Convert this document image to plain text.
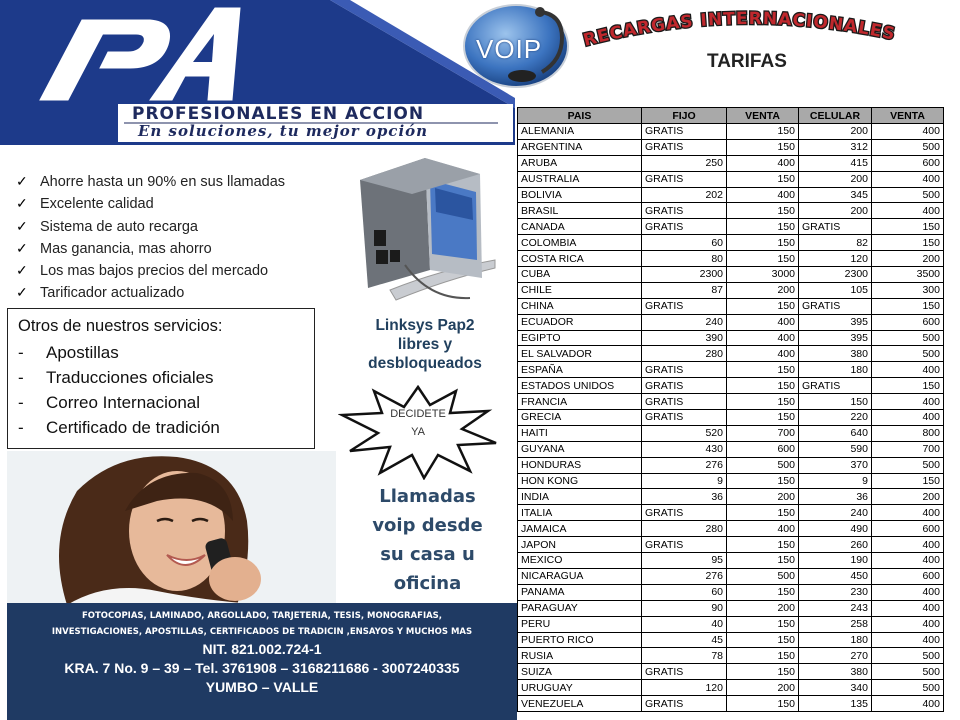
PROFESIONALES EN ACCION
En soluciones, tu mejor opción
VOIP RECARGAS INTERNACIONALES
TARIFAS
✓ Ahorre hasta un 90% en sus llamadas
✓ Excelente calidad
✓ Sistema de auto recarga
✓ Mas ganancia, mas ahorro
✓ Los mas bajos precios del mercado
✓ Tarificador actualizado
Otros de nuestros servicios:
- Apostillas
- Traducciones oficiales
- Correo Internacional
- Certificado de tradición
Linksys Pap2
libres y
desbloqueados
DECIDETE
YA
Llamadas
voip desde
su casa u
oficina
FOTOCOPIAS, LAMINADO, ARGOLLADO, TARJETERIA, TESIS, MONOGRAFIAS,
INVESTIGACIONES, APOSTILLAS, CERTIFICADOS DE TRADICIN ,ENSAYOS Y MUCHOS MAS
NIT. 821.002.724-1
KRA. 7 No. 9 – 39 – Tel. 3761908 – 3168211686 - 3007240335
YUMBO – VALLE
PAIS	FIJO	VENTA	CELULAR	VENTA
ALEMANIA	GRATIS	150	200	400
ARGENTINA	GRATIS	150	312	500
ARUBA	250	400	415	600
AUSTRALIA	GRATIS	150	200	400
BOLIVIA	202	400	345	500
BRASIL	GRATIS	150	200	400
CANADA	GRATIS	150	GRATIS	150
COLOMBIA	60	150	82	150
COSTA RICA	80	150	120	200
CUBA	2300	3000	2300	3500
CHILE	87	200	105	300
CHINA	GRATIS	150	GRATIS	150
ECUADOR	240	400	395	600
EGIPTO	390	400	395	500
EL SALVADOR	280	400	380	500
ESPAÑA	GRATIS	150	180	400
ESTADOS UNIDOS	GRATIS	150	GRATIS	150
FRANCIA	GRATIS	150	150	400
GRECIA	GRATIS	150	220	400
HAITI	520	700	640	800
GUYANA	430	600	590	700
HONDURAS	276	500	370	500
HON KONG	9	150	9	150
INDIA	36	200	36	200
ITALIA	GRATIS	150	240	400
JAMAICA	280	400	490	600
JAPON	GRATIS	150	260	400
MEXICO	95	150	190	400
NICARAGUA	276	500	450	600
PANAMA	60	150	230	400
PARAGUAY	90	200	243	400
PERU	40	150	258	400
PUERTO RICO	45	150	180	400
RUSIA	78	150	270	500
SUIZA	GRATIS	150	380	500
URUGUAY	120	200	340	500
VENEZUELA	GRATIS	150	135	400
